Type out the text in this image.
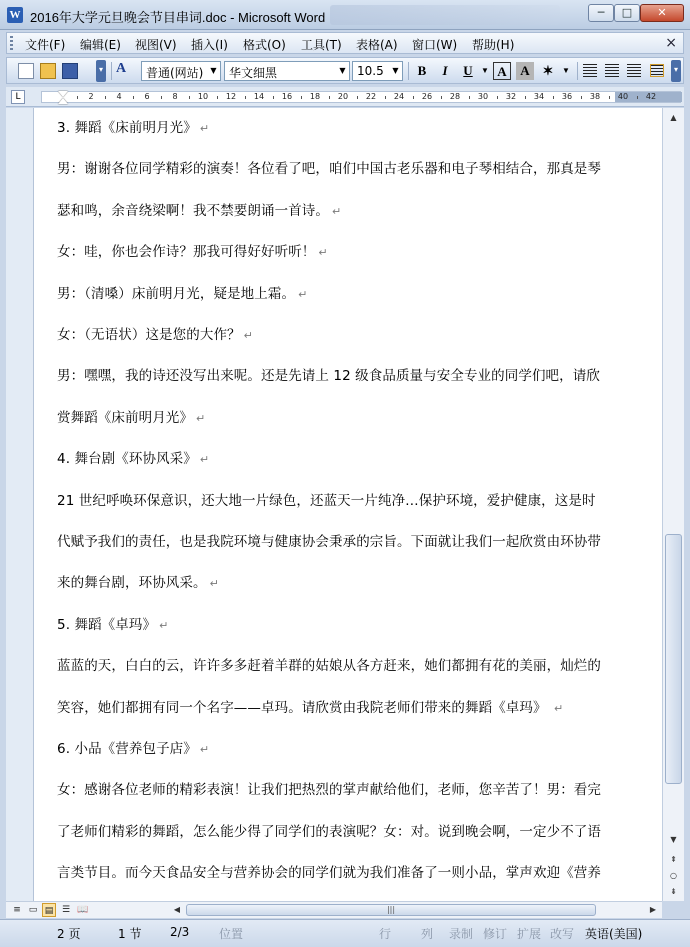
W 2016年大学元旦晚会节目串词.doc - Microsoft Word	─	□	✕
文件(F) 编辑(E) 视图(V) 插入(I) 格式(O) 工具(T) 表格(A) 窗口(W) 帮助(H)	×
▾ A 普通(网站) ▼ 华文细黑	▼ 10.5	▼	B	I	U	▼ A	A ✶	▼	▾
L	2	4	6	8	10 12 14 16 18 20 22 24 26 28 30 32 34 36 38 40 42
3. 舞蹈《床前明月光》 ↵
男：谢谢各位同学精彩的演奏！各位看了吧，咱们中国古老乐器和电子琴相结合，那真是琴
瑟和鸣，余音绕梁啊！我不禁要朗诵一首诗。 ↵
女：哇，你也会作诗？那我可得好好听听！ ↵
男：（清嗓）床前明月光，疑是地上霜。 ↵
女：（无语状）这是您的大作？ ↵
男：嘿嘿，我的诗还没写出来呢。还是先请上 12 级食品质量与安全专业的同学们吧，请欣
赏舞蹈《床前明月光》 ↵
4. 舞台剧《环协风采》 ↵
21 世纪呼唤环保意识，还大地一片绿色，还蓝天一片纯净…保护环境，爱护健康，这是时
代赋予我们的责任，也是我院环境与健康协会秉承的宗旨。下面就让我们一起欣赏由环协带
来的舞台剧，环协风采。 ↵
5. 舞蹈《卓玛》 ↵
蓝蓝的天，白白的云，许许多多赶着羊群的姑娘从各方赶来，她们都拥有花的美丽，灿烂的
笑容，她们都拥有同一个名字——卓玛。请欣赏由我院老师们带来的舞蹈《卓玛》 ↵
6. 小品《营养包子店》 ↵
女：感谢各位老师的精彩表演！让我们把热烈的掌声献给他们，老师，您辛苦了！男：看完
了老师们精彩的舞蹈，怎么能少得了同学们的表演呢？女：对。说到晚会啊，一定少不了语
言类节目。而今天食品安全与营养协会的同学们就为我们准备了一则小品，掌声欢迎《营养
▲
▼
⇞
○
⇟
≡ ▭ ▤ ☰ 📖	◀	|||	▶
2 页	1 节 2/3 位置	行 列 录制 修订 扩展 改写 英语(美国)
